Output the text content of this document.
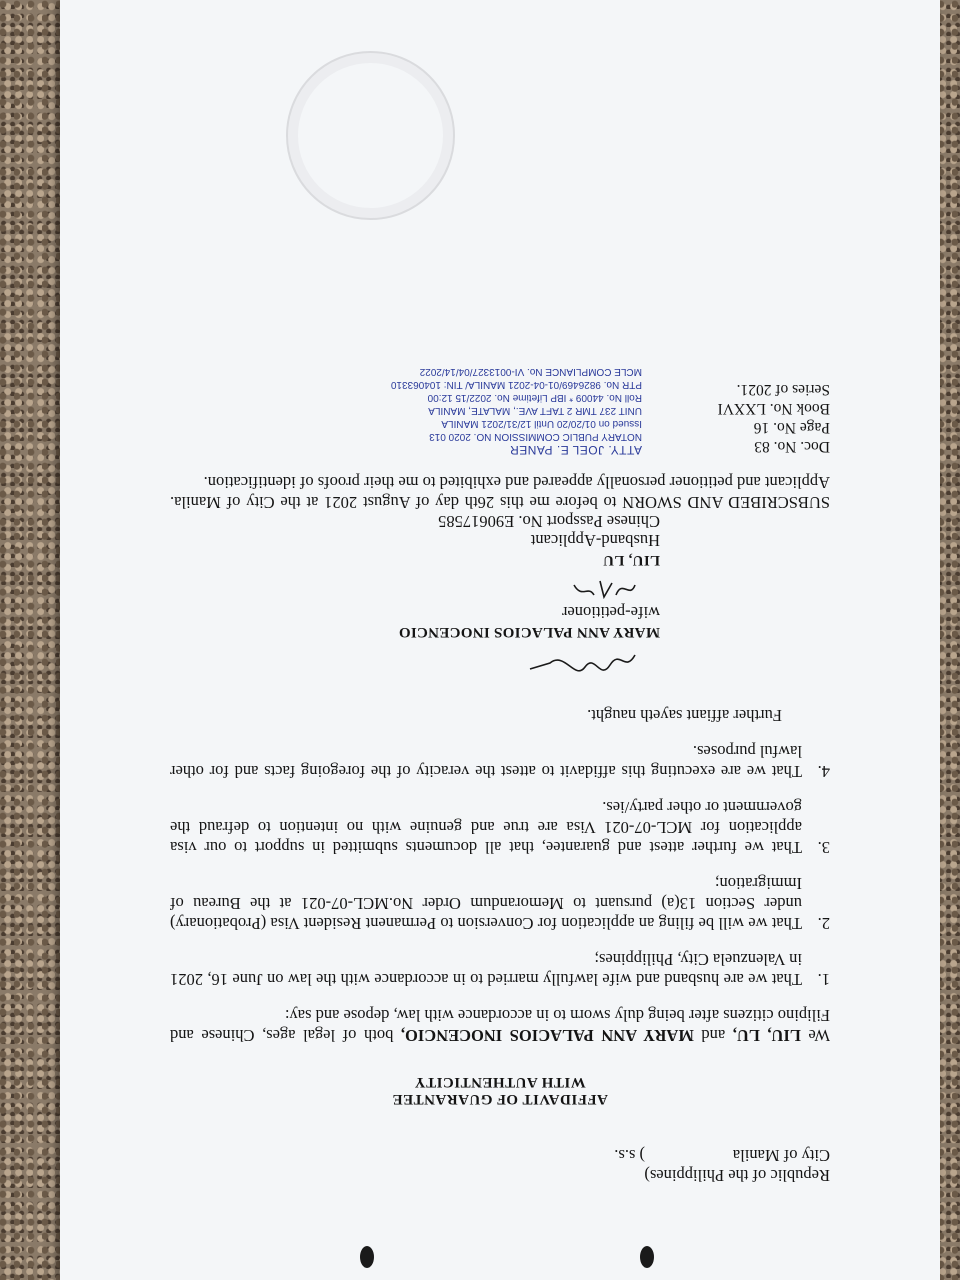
Republic of the Philippines)
City of Manila
) s.s.
AFFIDAVIT OF GUARANTEE
WITH AUTHENTICITY

We LIU, LU, and MARY ANN PALACIOS INOCENCIO, both of legal ages, Chinese and Filipino citizens after being duly sworn to in accordance with law, depose and say:

1.
That we are husband and wife lawfully married to in accordance with the law on June 16, 2021 in Valenzuela City, Philippines;
2.
That we will be filing an application for Conversion to Permanent Resident Visa (Probationary) under Section 13(a) pursuant to Memorandum Order No.MCL-07-021 at the Bureau of Immigration;
3.
That we further attest and guarantee, that all documents submitted in support to our visa application for MCL-07-021 Visa are true and genuine with no intention to defraud the government or other party/ies.
4.
That we are executing this affidavit to attest the veracity of the foregoing facts and for other lawful purposes.
Further affiant sayeth naught.
MARY ANN PALACIOS INOCENCIO
wife-petitioner
LIU, LU
Husband-Applicant
Chinese Passport No. E90617585

SUBSCRIBED AND SWORN to before me this 26th day of August 2021 at the City of Manila. Applicant and petitioner personally appeared and exhibited to me their proofs of identification.

Doc. No. 83
Page No. 16
Book No. LXXVI
Series of 2021.
ATTY. JOEL E. PANER
NOTARY PUBLIC COMMISSION NO. 2020 013
Issued on 01/20/20 Until 12/31/2021 MANILA
UNIT 237 TMR 2 TAFT AVE., MALATE, MANILA
Roll No. 44009 * IBP Lifetime No. 2022/15 12:00
PTR No. 9826469/01-04-2021 MANILA/ TIN: 104063310
MCLE COMPLIANCE No. VI-0013327/04/14/2022
